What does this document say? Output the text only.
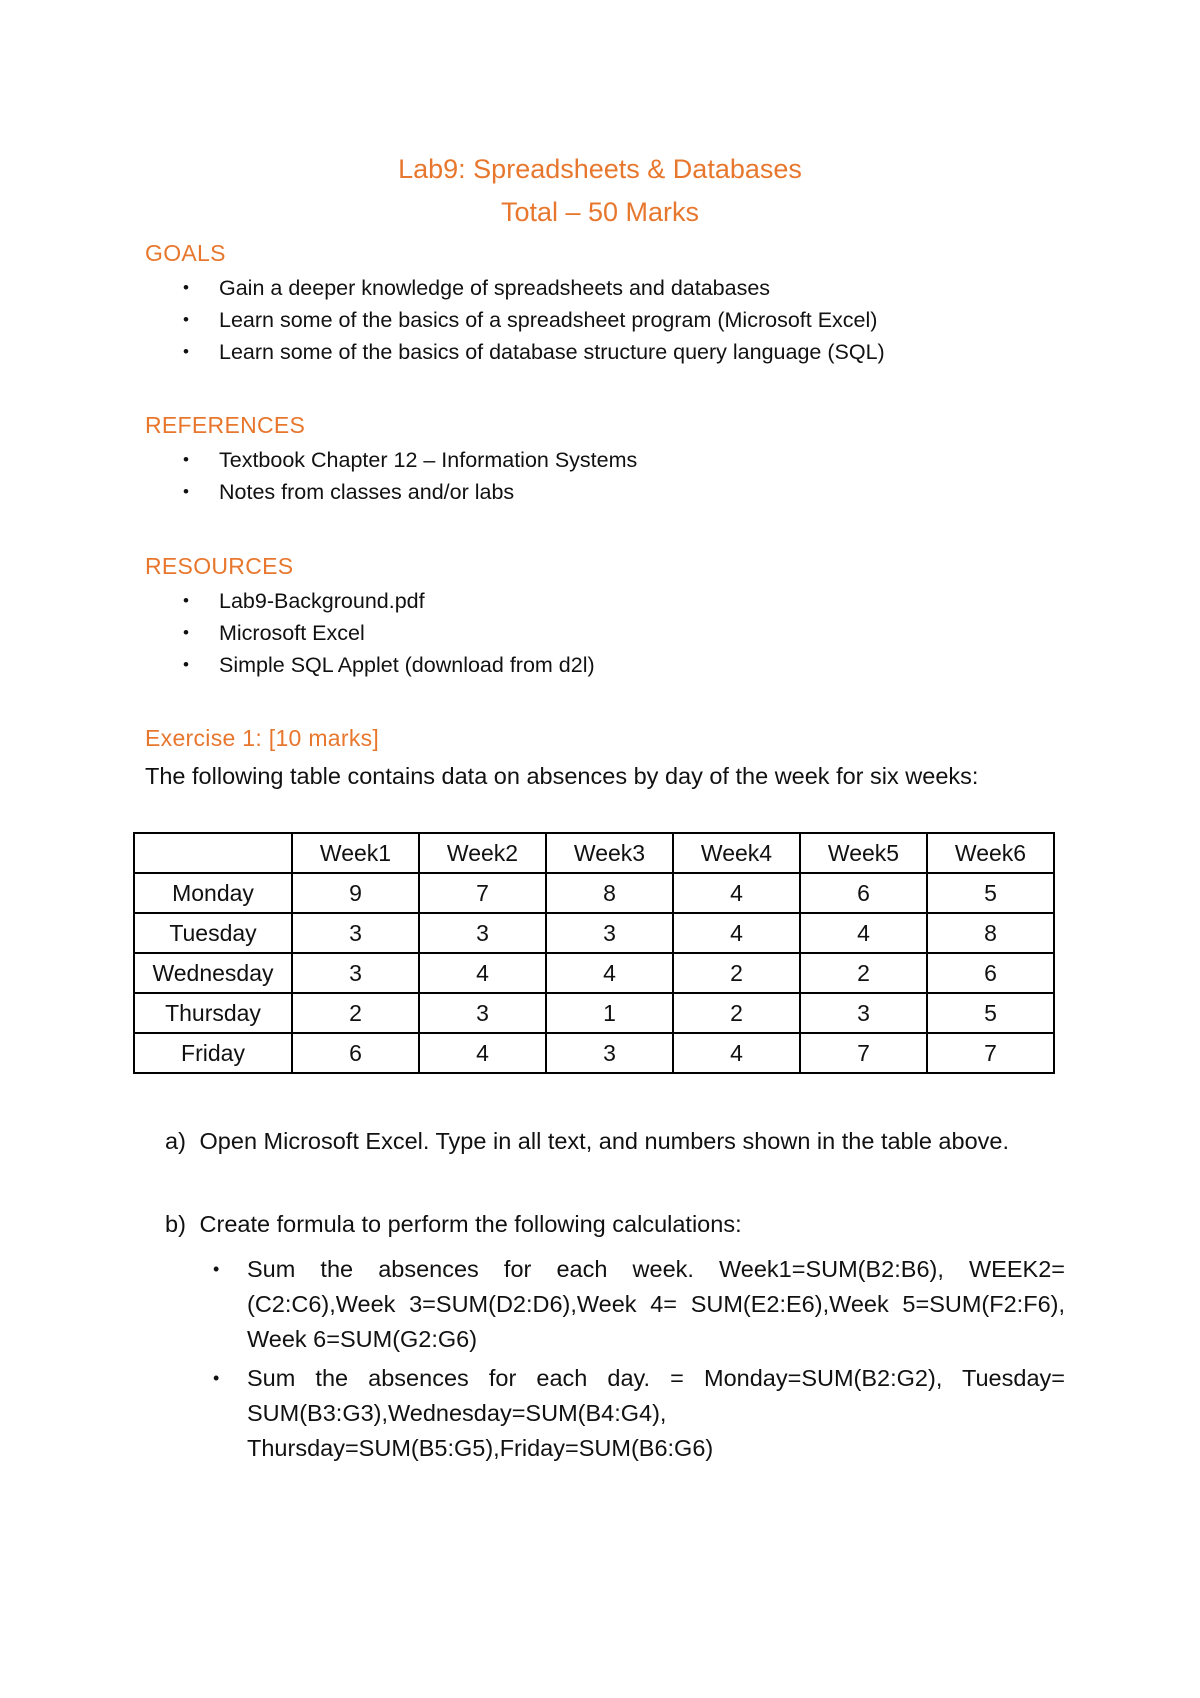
Lab9: Spreadsheets & Databases
Total – 50 Marks
GOALS
• Gain a deeper knowledge of spreadsheets and databases
• Learn some of the basics of a spreadsheet program (Microsoft Excel)
• Learn some of the basics of database structure query language (SQL)
REFERENCES
• Textbook Chapter 12 – Information Systems
• Notes from classes and/or labs
RESOURCES
• Lab9-Background.pdf
• Microsoft Excel
• Simple SQL Applet (download from d2l)
Exercise 1: [10 marks]
The following table contains data on absences by day of the week for six weeks:
	Week1	Week2	Week3	Week4	Week5	Week6
Monday	9	7	8	4	6	5
Tuesday	3	3	3	4	4	8
Wednesday	3	4	4	2	2	6
Thursday	2	3	1	2	3	5
Friday	6	4	3	4	7	7
a) Open Microsoft Excel. Type in all text, and numbers shown in the table above.
b) Create formula to perform the following calculations:
• Sum the absences for each week. Week1=SUM(B2:B6), WEEK2=(C2:C6),Week 3=SUM(D2:D6),Week 4= SUM(E2:E6),Week 5=SUM(F2:F6), Week 6=SUM(G2:G6)
• Sum the absences for each day. = Monday=SUM(B2:G2), Tuesday= SUM(B3:G3),Wednesday=SUM(B4:G4), Thursday=SUM(B5:G5),Friday=SUM(B6:G6)
